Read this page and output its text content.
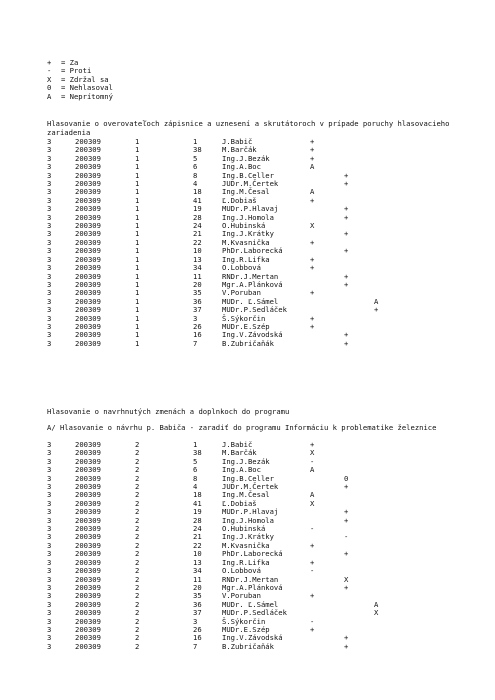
+ = Za
- = Proti
X = Zdržal sa
0 = Nehlasoval
A = Neprítomný
Hlasovanie o overovateľoch zápisnice a uznesení a skrutátoroch v prípade poruchy hlasovacieho zariadenia
3	200309	1	1	J.Babič	+
3	200309	1	38	M.Barčák	+
3	200309	1	5	Ing.J.Bezák	+
3	200309	1	6	Ing.A.Boc	A
3	200309	1	8	Ing.B.Celler	+
3	200309	1	4	JUDr.M.Čertek	+
3	200309	1	18	Ing.M.Česal	A
3	200309	1	41	Ľ.Dobiaš	+
3	200309	1	19	MUDr.P.Hlavaj	+
3	200309	1	28	Ing.J.Homola	+
3	200309	1	24	O.Hubinská	X
3	200309	1	21	Ing.J.Krátky	+
3	200309	1	22	M.Kvasnička	+
3	200309	1	10	PhDr.Laborecká	+
3	200309	1	13	Ing.R.Lifka	+
3	200309	1	34	O.Lobbová	+
3	200309	1	11	RNDr.J.Mertan	+
3	200309	1	20	Mgr.A.Plánková	+
3	200309	1	35	V.Poruban	+
3	200309	1	36	MUDr. Ľ.Sámel	A
3	200309	1	37	MUDr.P.Sedláček	+
3	200309	1	3	Š.Sýkorčin	+
3	200309	1	26	MUDr.E.Szép	+
3	200309	1	16	Ing.V.Závodská	+
3	200309	1	7	B.Zubričaňák	+
Hlasovanie o navrhnutých zmenách a doplnkoch do programu
A/ Hlasovanie o návrhu p. Babiča - zaradiť do programu Informáciu k problematike železnice
3	200309	2	1	J.Babič	+
3	200309	2	38	M.Barčák	X
3	200309	2	5	Ing.J.Bezák	-
3	200309	2	6	Ing.A.Boc	A
3	200309	2	8	Ing.B.Celler	0
3	200309	2	4	JUDr.M.Čertek	+
3	200309	2	18	Ing.M.Česal	A
3	200309	2	41	Ľ.Dobiaš	X
3	200309	2	19	MUDr.P.Hlavaj	+
3	200309	2	28	Ing.J.Homola	+
3	200309	2	24	O.Hubinská	-
3	200309	2	21	Ing.J.Krátky	-
3	200309	2	22	M.Kvasnička	+
3	200309	2	10	PhDr.Laborecká	+
3	200309	2	13	Ing.R.Lifka	+
3	200309	2	34	O.Lobbová	-
3	200309	2	11	RNDr.J.Mertan	X
3	200309	2	20	Mgr.A.Plánková	+
3	200309	2	35	V.Poruban	+
3	200309	2	36	MUDr. Ľ.Sámel	A
3	200309	2	37	MUDr.P.Sedláček	X
3	200309	2	3	Š.Sýkorčin	-
3	200309	2	26	MUDr.E.Szép	+
3	200309	2	16	Ing.V.Závodská	+
3	200309	2	7	B.Zubričaňák	+
